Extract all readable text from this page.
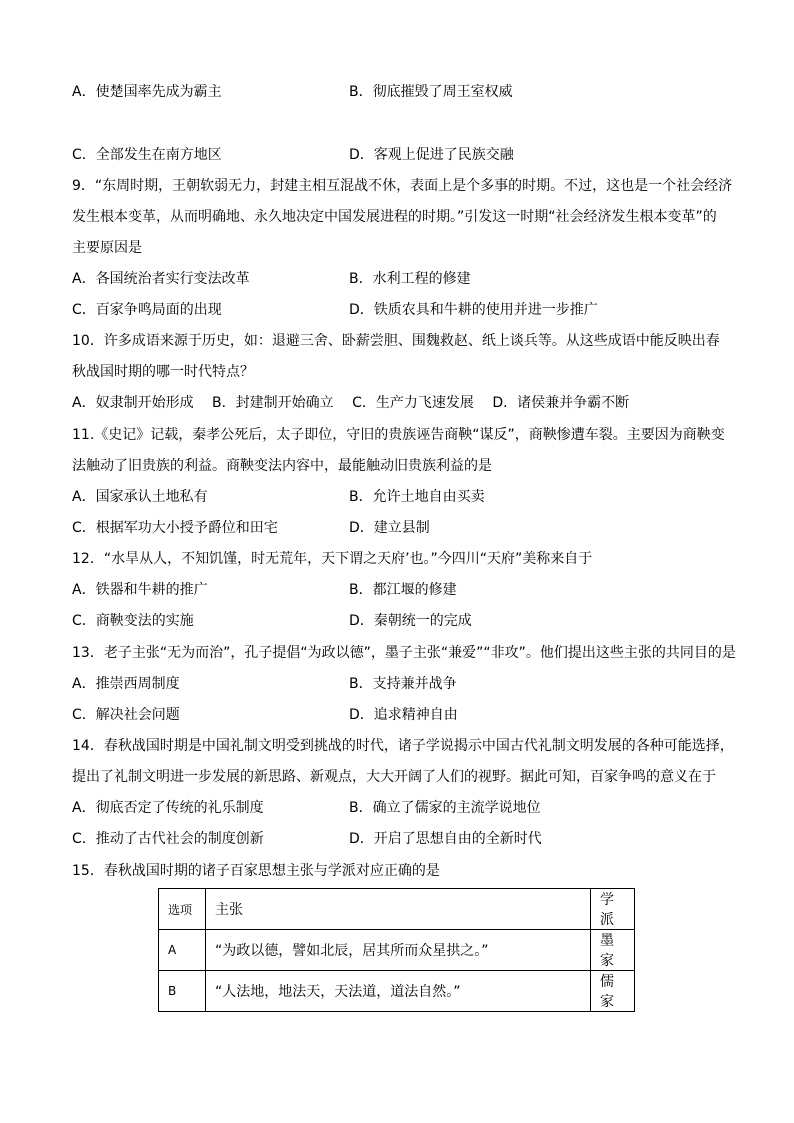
A．使楚国率先成为霸主	B．彻底摧毁了周王室权威
C．全部发生在南方地区	D．客观上促进了民族交融
9．“东周时期，王朝软弱无力，封建主相互混战不休，表面上是个多事的时期。不过，这也是一个社会经济
发生根本变革，从而明确地、永久地决定中国发展进程的时期。”引发这一时期“社会经济发生根本变革”的
主要原因是
A．各国统治者实行变法改革	B．水利工程的修建
C．百家争鸣局面的出现	D．铁质农具和牛耕的使用并进一步推广
10．许多成语来源于历史，如：退避三舍、卧薪尝胆、围魏救赵、纸上谈兵等。从这些成语中能反映出春
秋战国时期的哪一时代特点？
A．奴隶制开始形成 B．封建制开始确立 C．生产力飞速发展 D．诸侯兼并争霸不断
11.《史记》记载，秦孝公死后，太子即位，守旧的贵族诬告商鞅“谋反”，商鞅惨遭车裂。主要因为商鞅变
法触动了旧贵族的利益。商鞅变法内容中，最能触动旧贵族利益的是
A．国家承认土地私有	B．允许土地自由买卖
C．根据军功大小授予爵位和田宅	D．建立县制
12．“水旱从人，不知饥馑，时无荒年，天下谓之天府’也。”今四川“天府”美称来自于
A．铁器和牛耕的推广	B．都江堰的修建
C．商鞅变法的实施	D．秦朝统一的完成
13．老子主张“无为而治”，孔子提倡“为政以德”，墨子主张“兼爱”“非攻”。他们提出这些主张的共同目的是
A．推崇西周制度	B．支持兼并战争
C．解决社会问题	D．追求精神自由
14．春秋战国时期是中国礼制文明受到挑战的时代，诸子学说揭示中国古代礼制文明发展的各种可能选择，
提出了礼制文明进一步发展的新思路、新观点，大大开阔了人们的视野。据此可知，百家争鸣的意义在于
A．彻底否定了传统的礼乐制度	B．确立了儒家的主流学说地位
C．推动了古代社会的制度创新	D．开启了思想自由的全新时代
15．春秋战国时期的诸子百家思想主张与学派对应正确的是
选项	主张	学派
A	“为政以德，譬如北辰，居其所而众星拱之。”	墨家
B	“人法地，地法天，天法道，道法自然。”	儒家
